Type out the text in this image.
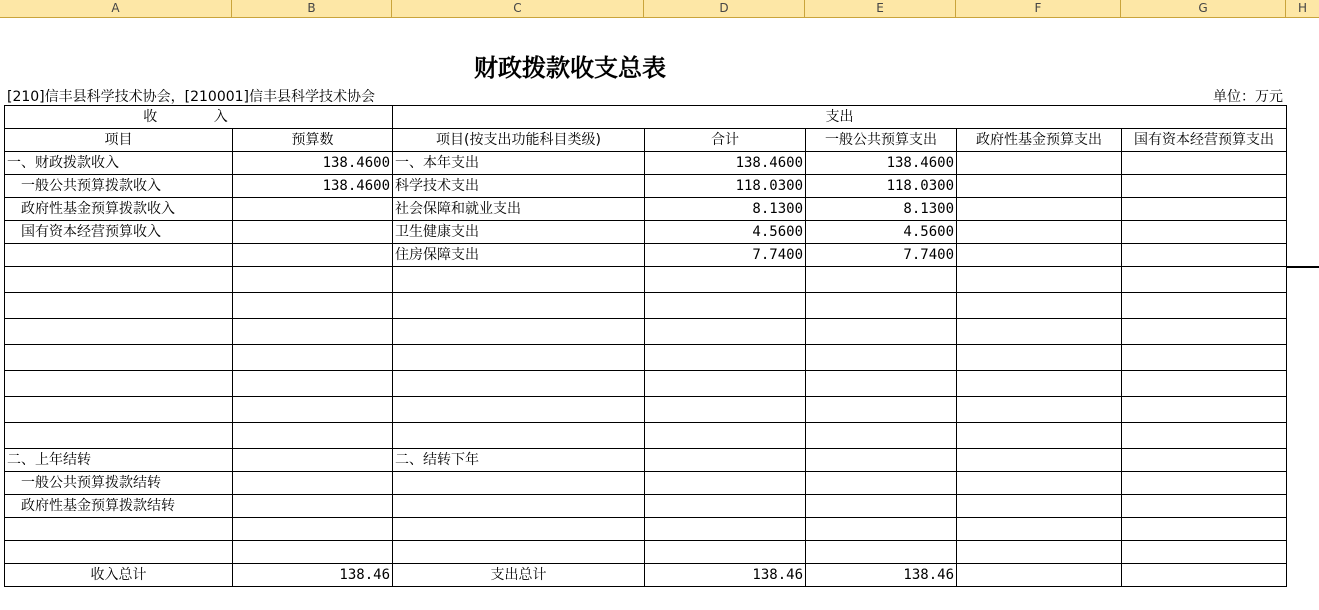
A	B	C	D	E	F	G	H
财政拨款收支总表
[210]信丰县科学技术协会，[210001]信丰县科学技术协会	单位：万元
收 入		支出				
项目	预算数	项目(按支出功能科目类级)	合计	一般公共预算支出	政府性基金预算支出	国有资本经营预算支出
一、财政拨款收入	138.4600	一、本年支出	138.4600	138.4600		
一般公共预算拨款收入	138.4600	科学技术支出	118.0300	118.0300		
政府性基金预算拨款收入		社会保障和就业支出	8.1300	8.1300		
国有资本经营预算收入		卫生健康支出	4.5600	4.5600		
		住房保障支出	7.7400	7.7400		

二、上年结转		二、结转下年				
一般公共预算拨款结转						
政府性基金预算拨款结转						

收入总计	138.46	支出总计	138.46	138.46		
